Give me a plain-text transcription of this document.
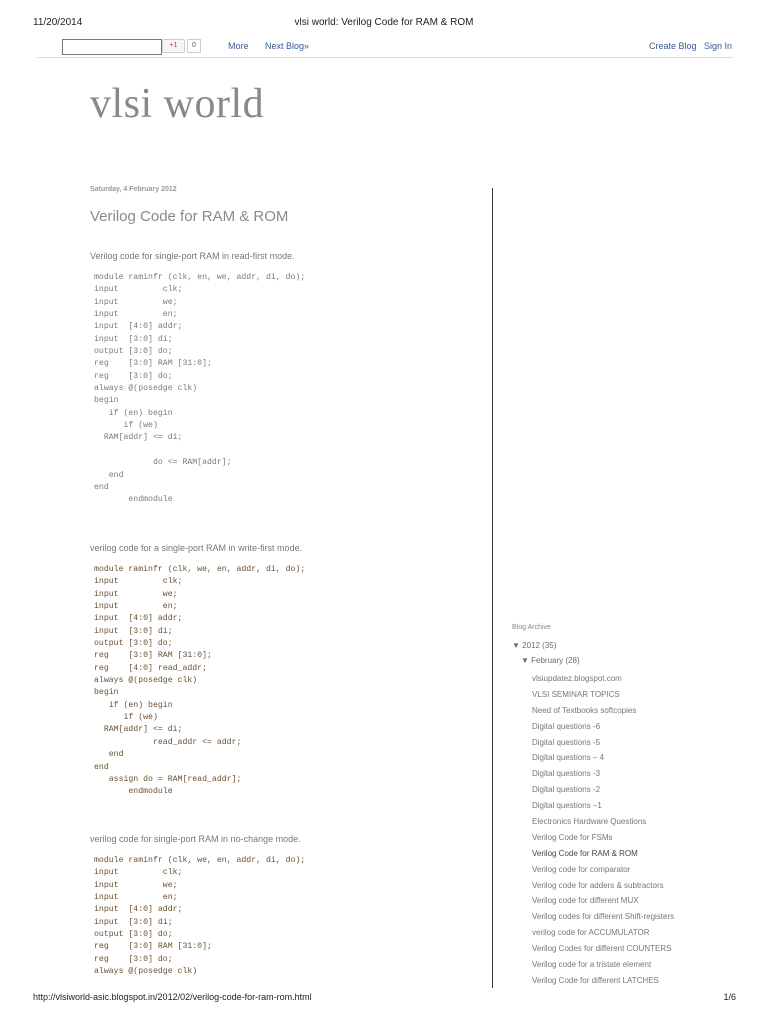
11/20/2014	vlsi world: Verilog Code for RAM & ROM
+1	0	More Next Blog»	Create Blog Sign In
vlsi world
Saturday, 4 February 2012
Verilog Code for RAM & ROM
Verilog code for single-port RAM in read-first mode.
module raminfr (clk, en, we, addr, di, do);
input         clk;
input         we;
input         en;
input  [4:0] addr;
input  [3:0] di;
output [3:0] do;
reg    [3:0] RAM [31:0];
reg    [3:0] do;
always @(posedge clk)
begin
if (en) begin
if (we)
RAM[addr] <= di;

do <= RAM[addr];
end
end
endmodule
verilog code for a single-port RAM in write-first mode.
module raminfr (clk, we, en, addr, di, do);
input         clk;
input         we;
input         en;
input  [4:0] addr;
input  [3:0] di;
output [3:0] do;
reg    [3:0] RAM [31:0];
reg    [4:0] read_addr;
always @(posedge clk)
begin
if (en) begin
if (we)
RAM[addr] <= di;
read_addr <= addr;
end
end
assign do = RAM[read_addr];
endmodule
verilog code for single-port RAM in no-change mode.
module raminfr (clk, we, en, addr, di, do);
input         clk;
input         we;
input         en;
input  [4:0] addr;
input  [3:0] di;
output [3:0] do;
reg    [3:0] RAM [31:0];
reg    [3:0] do;
always @(posedge clk)
Blog Archive
▼ 2012 (35)
▼ February (28)
vlsiupdatez.blogspot.com
VLSI SEMINAR TOPICS
Need of Textbooks softcopies
Digital questions -6
Digital questions -5
Digital questions – 4
Digital questions -3
Digital questions -2
Digital questions –1
Electronics Hardware Questions
Verilog Code for FSMs
Verilog Code for RAM & ROM
Verilog code for comparator
Verilog code for adders & subtractors
Verilog code for different MUX
Verilog codes for different Shift-registers
verilog code for ACCUMULATOR
Verilog Codes for different COUNTERS
Verilog code for a tristate element
Verilog Code for different LATCHES
http://vlsiworld-asic.blogspot.in/2012/02/verilog-code-for-ram-rom.html	1/6
